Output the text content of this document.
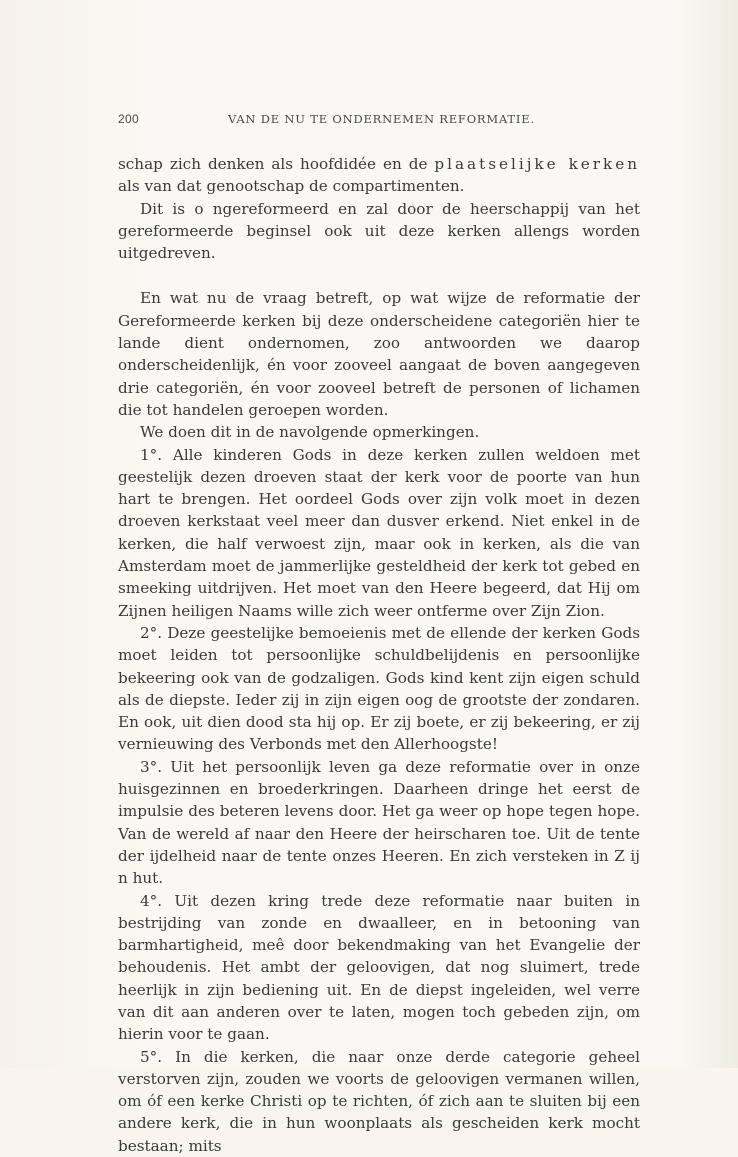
200	VAN DE NU TE ONDERNEMEN REFORMATIE.

schap zich denken als hoofdidée en de plaatselijke kerken als van dat genootschap de compartimenten.

Dit is o ngereformeerd en zal door de heerschappij van het gereformeerde beginsel ook uit deze kerken allengs worden uitgedreven.

En wat nu de vraag betreft, op wat wijze de reformatie der Gereformeerde kerken bij deze onderscheidene categoriën hier te lande dient ondernomen, zoo antwoorden we daarop onderscheidenlijk, én voor zooveel aangaat de boven aangegeven drie categoriën, én voor zooveel betreft de personen of lichamen die tot handelen geroepen worden.

We doen dit in de navolgende opmerkingen.

1°. Alle kinderen Gods in deze kerken zullen weldoen met geestelijk dezen droeven staat der kerk voor de poorte van hun hart te brengen. Het oordeel Gods over zijn volk moet in dezen droeven kerkstaat veel meer dan dusver erkend. Niet enkel in de kerken, die half verwoest zijn, maar ook in kerken, als die van Amsterdam moet de jammerlijke gesteldheid der kerk tot gebed en smeeking uitdrijven. Het moet van den Heere begeerd, dat Hij om Zijnen heiligen Naams wille zich weer ontferme over Zijn Zion.

2°. Deze geestelijke bemoeienis met de ellende der kerken Gods moet leiden tot persoonlijke schuldbelijdenis en persoonlijke bekeering ook van de godzaligen. Gods kind kent zijn eigen schuld als de diepste. Ieder zij in zijn eigen oog de grootste der zondaren. En ook, uit dien dood sta hij op. Er zij boete, er zij bekeering, er zij vernieuwing des Verbonds met den Allerhoogste!

3°. Uit het persoonlijk leven ga deze reformatie over in onze huisgezinnen en broederkringen. Daarheen dringe het eerst de impulsie des beteren levens door. Het ga weer op hope tegen hope. Van de wereld af naar den Heere der heirscharen toe. Uit de tente der ijdelheid naar de tente onzes Heeren. En zich versteken in Z ij n hut.

4°. Uit dezen kring trede deze reformatie naar buiten in bestrijding van zonde en dwaalleer, en in betooning van barmhartigheid, meê door bekendmaking van het Evangelie der behoudenis. Het ambt der geloovigen, dat nog sluimert, trede heerlijk in zijn bediening uit. En de diepst ingeleiden, wel verre van dit aan anderen over te laten, mogen toch gebeden zijn, om hierin voor te gaan.

5°. In die kerken, die naar onze derde categorie geheel verstorven zijn, zouden we voorts de geloovigen vermanen willen, om óf een kerke Christi op te richten, óf zich aan te sluiten bij een andere kerk, die in hun woonplaats als gescheiden kerk mocht bestaan; mits
